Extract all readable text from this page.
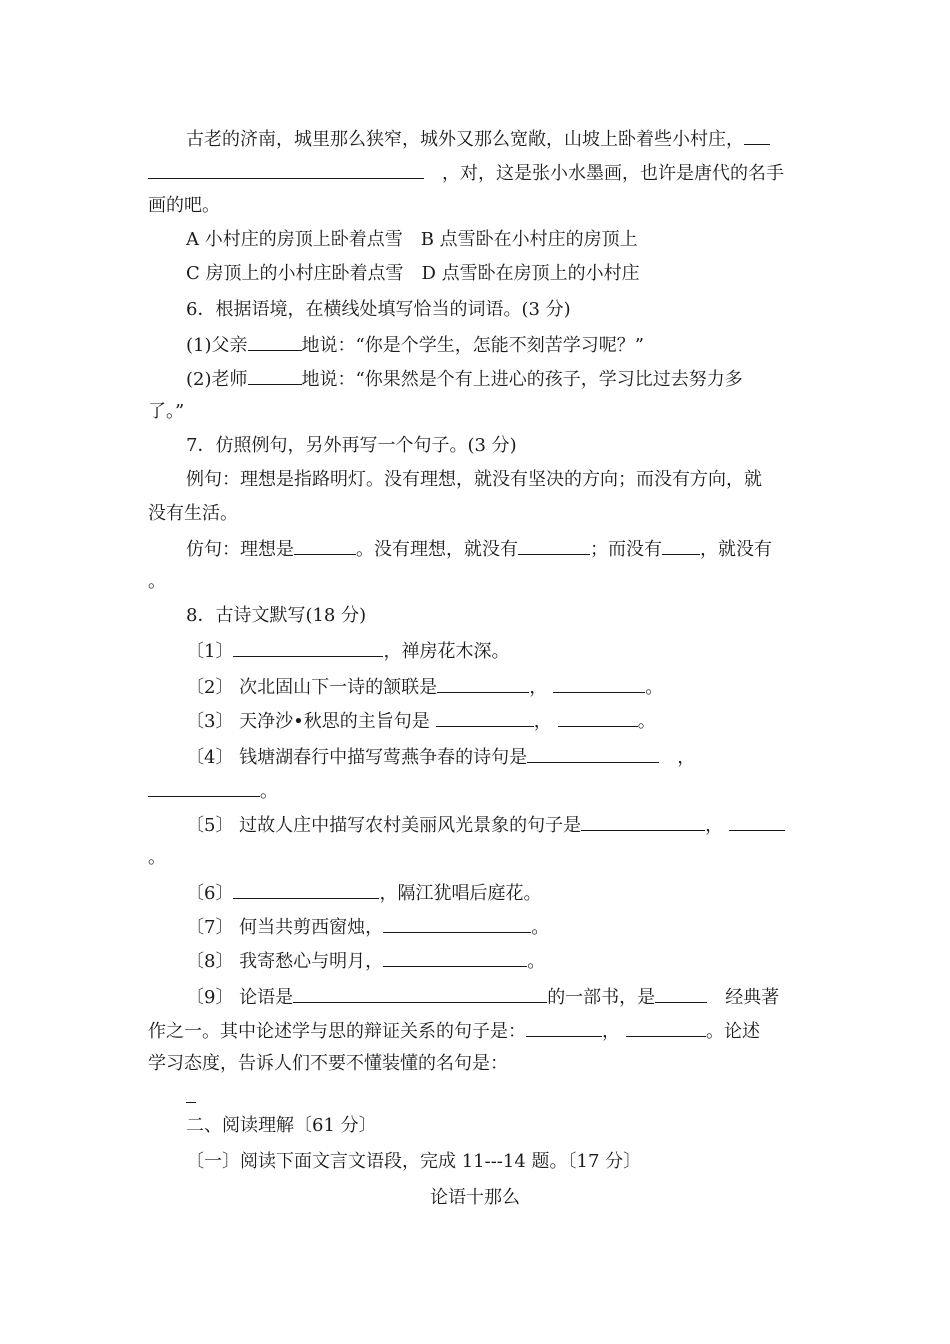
古老的济南，城里那么狭窄，城外又那么宽敞，山坡上卧着些小村庄，
，对，这是张小水墨画，也许是唐代的名手
画的吧。
A 小村庄的房顶上卧着点雪 B 点雪卧在小村庄的房顶上
C 房顶上的小村庄卧着点雪 D 点雪卧在房顶上的小村庄
6．根据语境，在横线处填写恰当的词语。(3 分)
(1)父亲	地说：“你是个学生，怎能不刻苦学习呢？”
(2)老师	地说：“你果然是个有上进心的孩子，学习比过去努力多
了。”
7．仿照例句，另外再写一个句子。(3 分)
例句：理想是指路明灯。没有理想，就没有坚决的方向；而没有方向，就
没有生活。
仿句：理想是	。没有理想，就没有	；而没有 ，就没有
。
8．古诗文默写(18 分)
〔1〕	，禅房花木深。
〔2〕 次北固山下一诗的颔联是	，	。
〔3〕 天净沙•秋思的主旨句是	，	。
〔4〕 钱塘湖春行中描写莺燕争春的诗句是	，
。
〔5〕 过故人庄中描写农村美丽风光景象的句子是	，
。
〔6〕	，隔江犹唱后庭花。
〔7〕 何当共剪西窗烛，	。
〔8〕 我寄愁心与明月，	。
〔9〕 论语是	的一部书，是	经典著
作之一。其中论述学与思的辩证关系的句子是：	，	。论述
学习态度，告诉人们不要不懂装懂的名句是：
二、阅读理解〔61 分〕
〔一〕阅读下面文言文语段，完成 11---14 题。〔17 分〕
论语十那么
